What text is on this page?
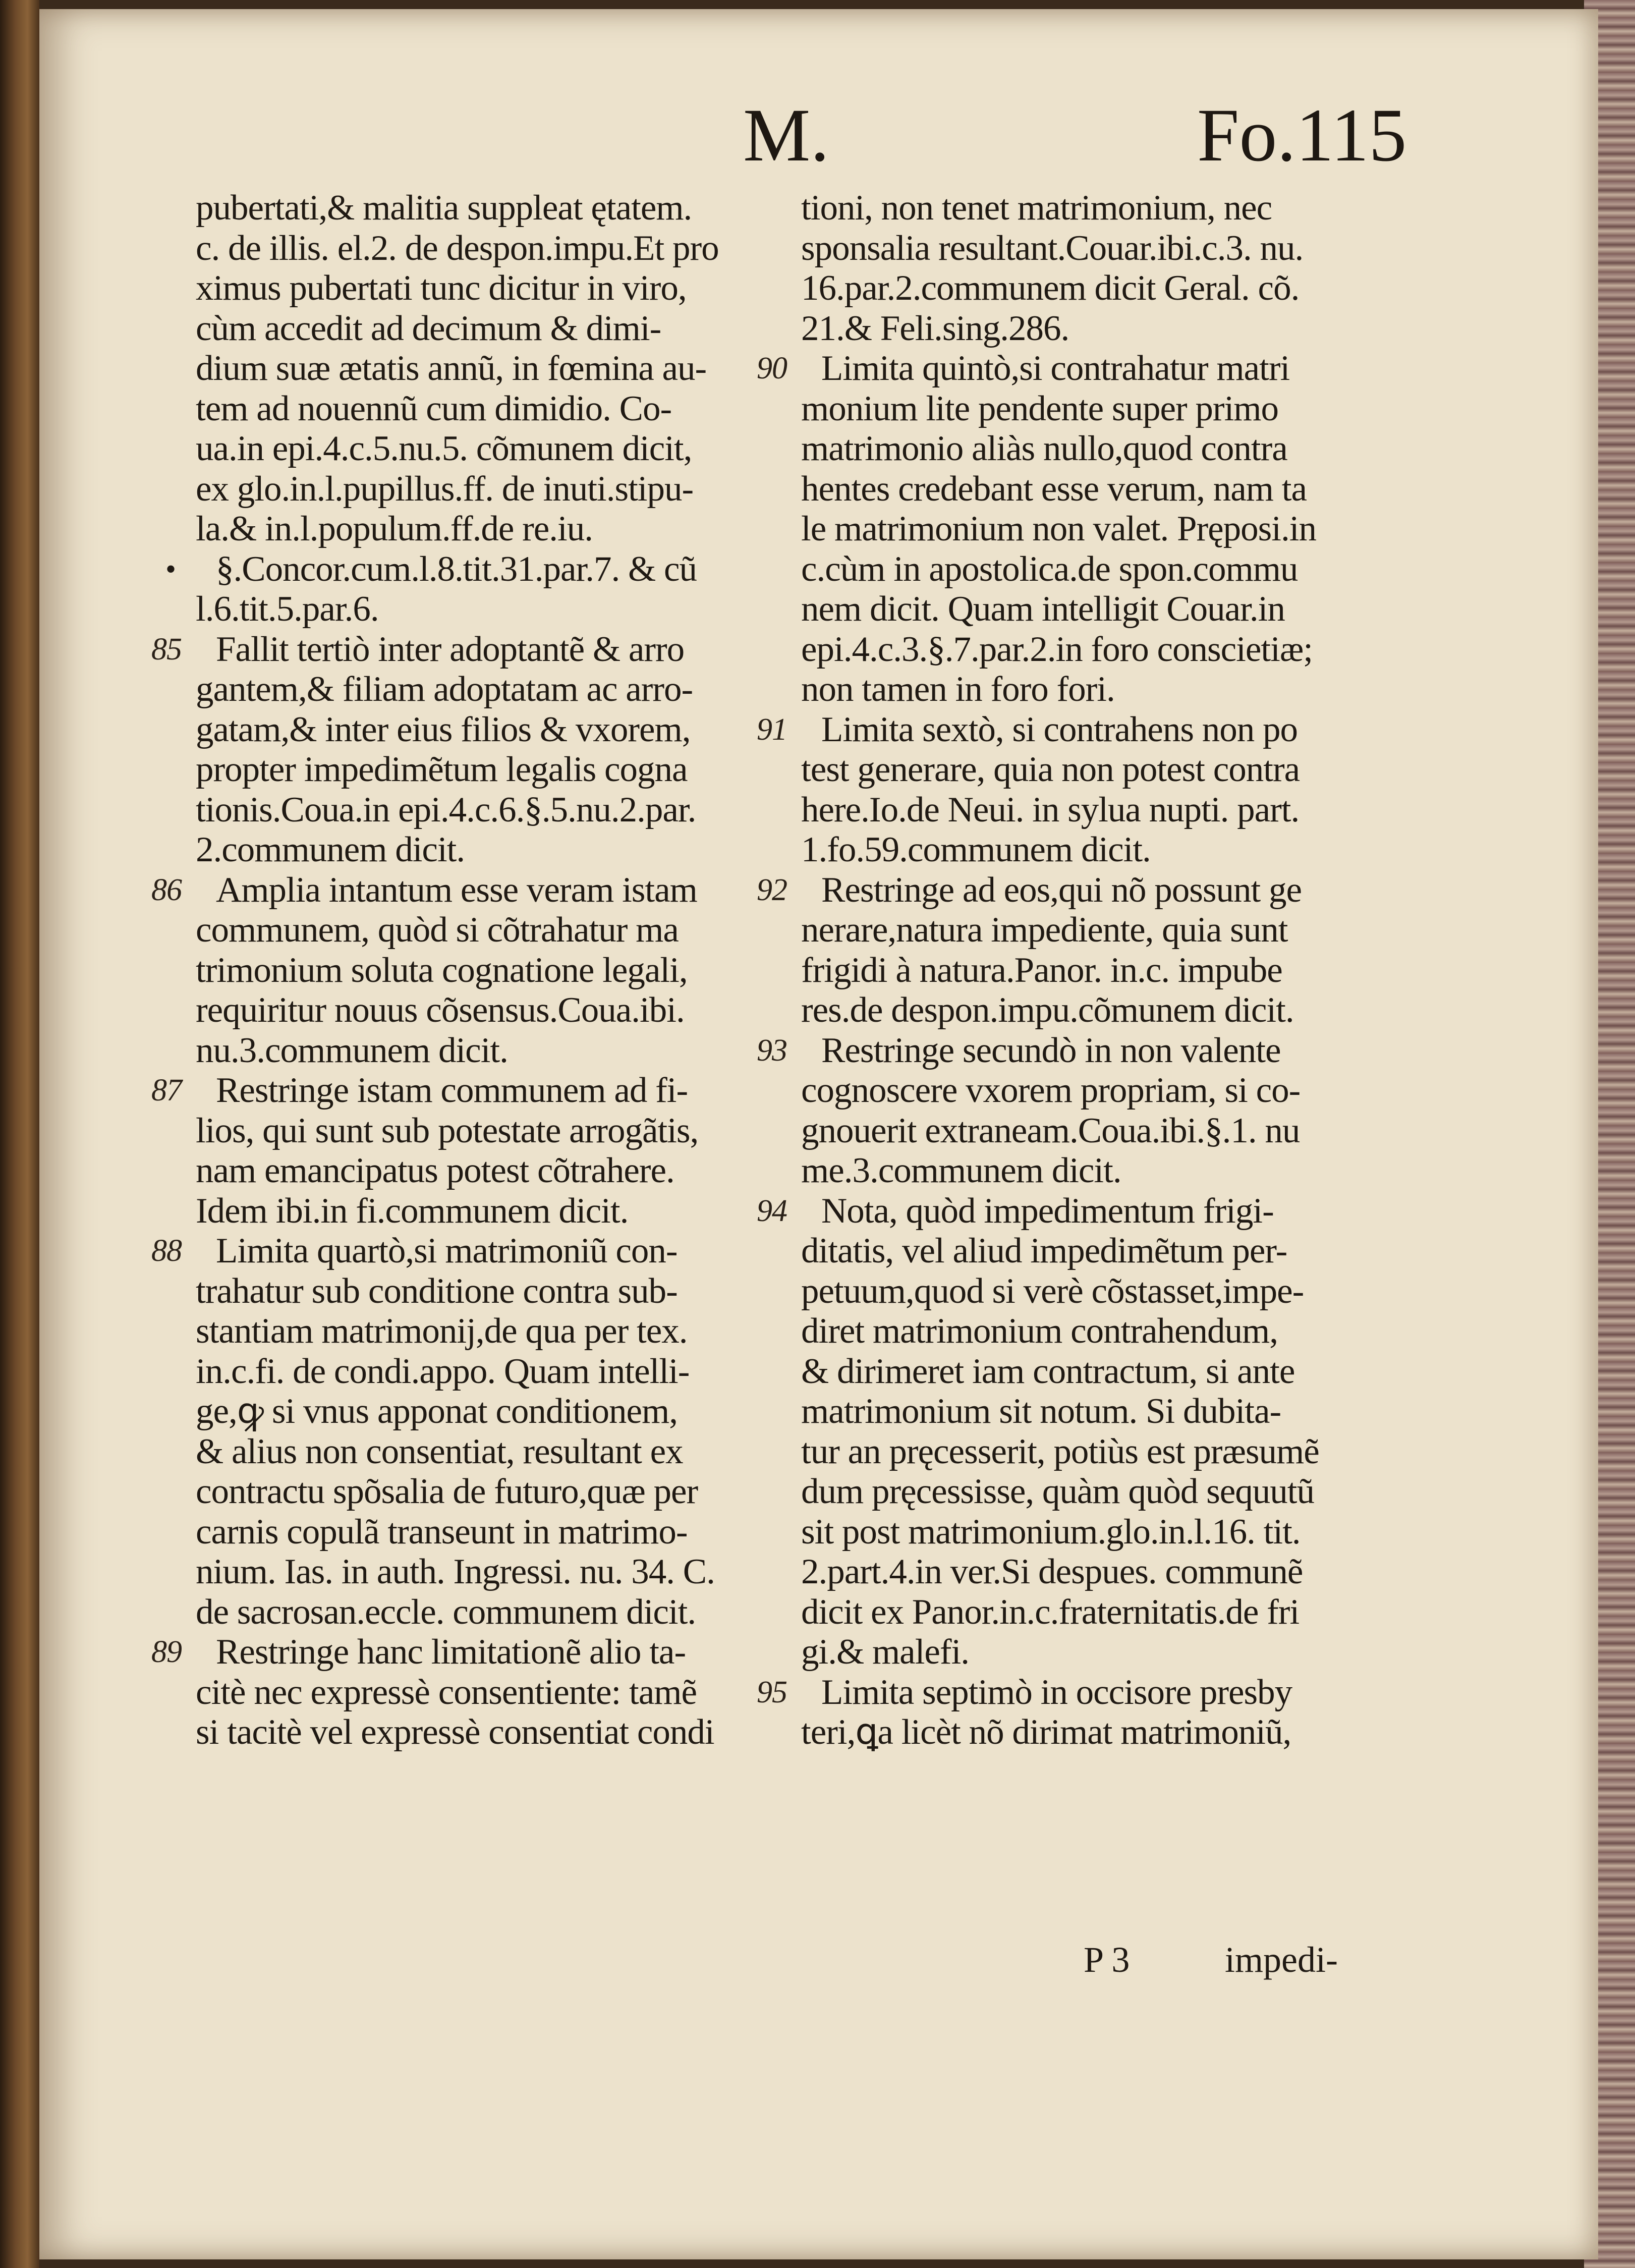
M.	Fo.115
pubertati,& malitia suppleat ętatem.
c. de illis. el.2. de despon.impu.Et pro
ximus pubertati tunc dicitur in viro,
cùm accedit ad decimum & dimi-
dium suæ ætatis annũ, in fœmina au-
tem ad nouennũ cum dimidio. Co-
ua.in epi.4.c.5.nu.5. cõmunem dicit,
ex glo.in.l.pupillus.ff. de inuti.stipu-
la.& in.l.populum.ff.de re.iu.
•	§.Concor.cum.l.8.tit.31.par.7. & cũ
l.6.tit.5.par.6.
85 Fallit tertiò inter adoptantẽ & arro
gantem,& filiam adoptatam ac arro-
gatam,& inter eius filios & vxorem,
propter impedimẽtum legalis cogna
tionis.Coua.in epi.4.c.6.§.5.nu.2.par.
2.communem dicit.
86 Amplia intantum esse veram istam
communem, quòd si cõtrahatur ma
trimonium soluta cognatione legali,
requiritur nouus cõsensus.Coua.ibi.
nu.3.communem dicit.
87 Restringe istam communem ad fi-
lios, qui sunt sub potestate arrogãtis,
nam emancipatus potest cõtrahere.
Idem ibi.in fi.communem dicit.
88 Limita quartò,si matrimoniũ con-
trahatur sub conditione contra sub-
stantiam matrimonij,de qua per tex.
in.c.fi. de condi.appo. Quam intelli-
ge,ꝙ si vnus apponat conditionem,
& alius non consentiat, resultant ex
contractu spõsalia de futuro,quæ per
carnis copulã transeunt in matrimo-
nium. Ias. in auth. Ingressi. nu. 34. C.
de sacrosan.eccle. communem dicit.
89 Restringe hanc limitationẽ alio ta-
citè nec expressè consentiente: tamẽ
si tacitè vel expressè consentiat condi
tioni, non tenet matrimonium, nec
sponsalia resultant.Couar.ibi.c.3. nu.
16.par.2.communem dicit Geral. cõ.
21.& Feli.sing.286.
90 Limita quintò,si contrahatur matri
monium lite pendente super primo
matrimonio aliàs nullo,quod contra
hentes credebant esse verum, nam ta
le matrimonium non valet. Pręposi.in
c.cùm in apostolica.de spon.commu
nem dicit. Quam intelligit Couar.in
epi.4.c.3.§.7.par.2.in foro conscietiæ;
non tamen in foro fori.
91 Limita sextò, si contrahens non po
test generare, quia non potest contra
here.Io.de Neui. in sylua nupti. part.
1.fo.59.communem dicit.
92 Restringe ad eos,qui nõ possunt ge
nerare,natura impediente, quia sunt
frigidi à natura.Panor. in.c. impube
res.de despon.impu.cõmunem dicit.
93 Restringe secundò in non valente
cognoscere vxorem propriam, si co-
gnouerit extraneam.Coua.ibi.§.1. nu
me.3.communem dicit.
94 Nota, quòd impedimentum frigi-
ditatis, vel aliud impedimẽtum per-
petuum,quod si verè cõstasset,impe-
diret matrimonium contrahendum,
& dirimeret iam contractum, si ante
matrimonium sit notum. Si dubita-
tur an pręcesserit, potiùs est præsumẽ
dum pręcessisse, quàm quòd sequutũ
sit post matrimonium.glo.in.l.16. tit.
2.part.4.in ver.Si despues. communẽ
dicit ex Panor.in.c.fraternitatis.de fri
gi.& malefi.
95 Limita septimò in occisore presby
teri,ꝗa licèt nõ dirimat matrimoniũ,
P 3	impedi-
